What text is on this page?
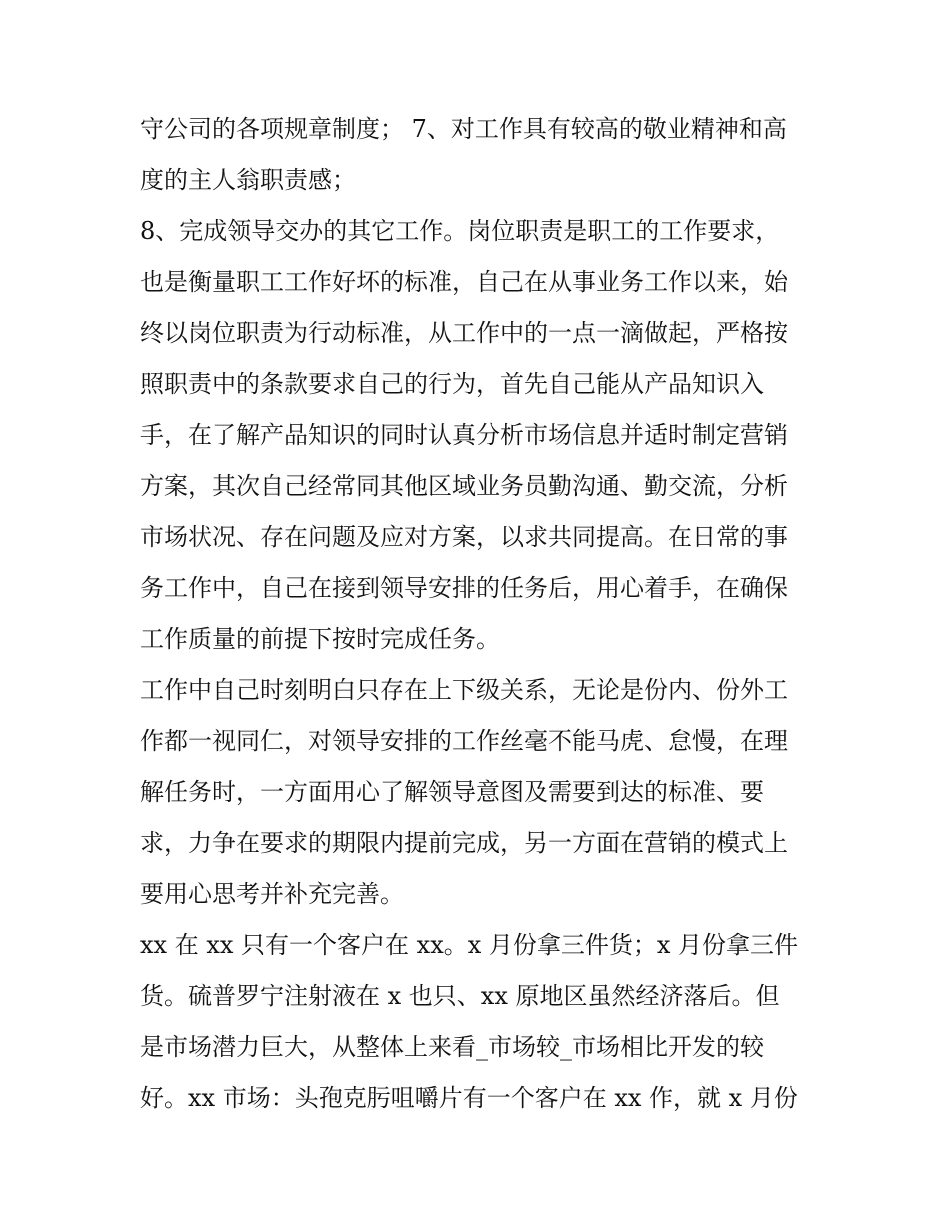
守公司的各项规章制度； 7、对工作具有较高的敬业精神和高
度的主人翁职责感；
8、完成领导交办的其它工作。岗位职责是职工的工作要求，
也是衡量职工工作好坏的标准，自己在从事业务工作以来，始
终以岗位职责为行动标准，从工作中的一点一滴做起，严格按
照职责中的条款要求自己的行为，首先自己能从产品知识入
手，在了解产品知识的同时认真分析市场信息并适时制定营销
方案，其次自己经常同其他区域业务员勤沟通、勤交流，分析
市场状况、存在问题及应对方案，以求共同提高。在日常的事
务工作中，自己在接到领导安排的任务后，用心着手，在确保
工作质量的前提下按时完成任务。
工作中自己时刻明白只存在上下级关系，无论是份内、份外工
作都一视同仁，对领导安排的工作丝毫不能马虎、怠慢，在理
解任务时，一方面用心了解领导意图及需要到达的标准、要
求，力争在要求的期限内提前完成，另一方面在营销的模式上
要用心思考并补充完善。
xx 在 xx 只有一个客户在 xx。x 月份拿三件货；x 月份拿三件
货。硫普罗宁注射液在 x 也只、xx 原地区虽然经济落后。但
是市场潜力巨大，从整体上来看_市场较_市场相比开发的较
好。xx 市场：头孢克肟咀嚼片有一个客户在 xx 作，就 x 月份
